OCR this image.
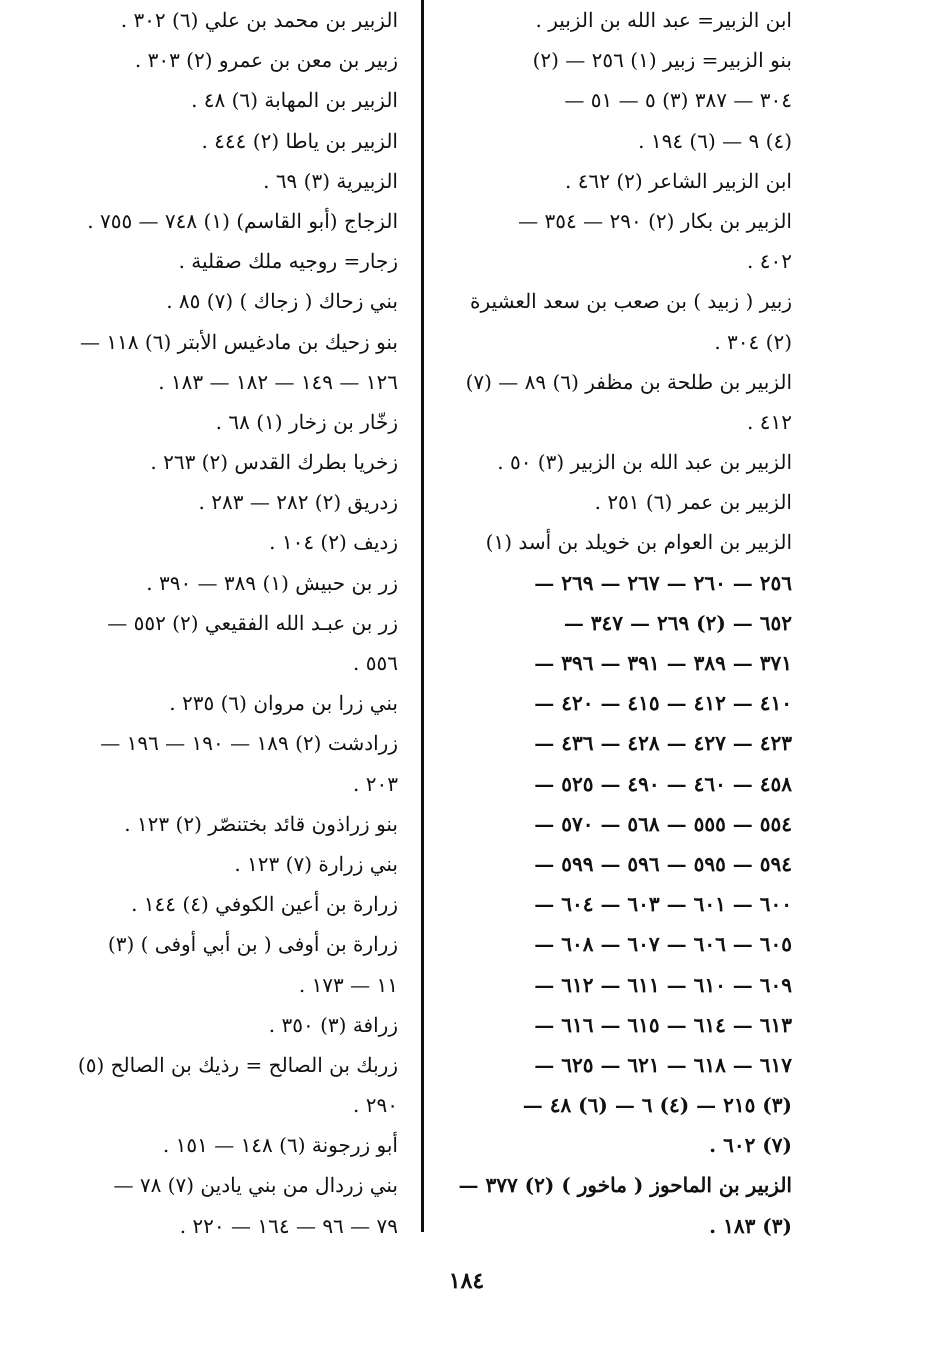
ابن الزبير= عبد الله بن الزبير .
بنو الزبير= زبير (١) ٢٥٦ — (٢)
٣٠٤ — ٣٨٧ (٣) ٥ — ٥١ —
(٤) ٩ — (٦) ١٩٤ .
ابن الزبير الشاعر (٢) ٤٦٢ .
الزبير بن بكار (٢) ٢٩٠ — ٣٥٤ —
٤٠٢ .
زبير ( زبيد ) بن صعب بن سعد العشيرة
(٢) ٣٠٤ .
الزبير بن طلحة بن مظفر (٦) ٨٩ — (٧)
٤١٢ .
الزبير بن عبد الله بن الزبير (٣) ٥٠ .
الزبير بن عمر (٦) ٢٥١ .
الزبير بن العوام بن خويلد بن أسد (١)
٢٥٦ — ٢٦٠ — ٢٦٧ — ٢٦٩ —
٦٥٢ — (٢) ٢٦٩ — ٣٤٧ —
٣٧١ — ٣٨٩ — ٣٩١ — ٣٩٦ —
٤١٠ — ٤١٢ — ٤١٥ — ٤٢٠ —
٤٢٣ — ٤٢٧ — ٤٢٨ — ٤٣٦ —
٤٥٨ — ٤٦٠ — ٤٩٠ — ٥٢٥ —
٥٥٤ — ٥٥٥ — ٥٦٨ — ٥٧٠ —
٥٩٤ — ٥٩٥ — ٥٩٦ — ٥٩٩ —
٦٠٠ — ٦٠١ — ٦٠٣ — ٦٠٤ —
٦٠٥ — ٦٠٦ — ٦٠٧ — ٦٠٨ —
٦٠٩ — ٦١٠ — ٦١١ — ٦١٢ —
٦١٣ — ٦١٤ — ٦١٥ — ٦١٦ —
٦١٧ — ٦١٨ — ٦٢١ — ٦٢٥ —
(٣) ٢١٥ — (٤) ٦ — (٦) ٤٨ —
(٧) ٦٠٢ .
الزبير بن الماحوز ( ماخور ) (٢) ٣٧٧ —
(٣) ١٨٣ .
الزبير بن محمد بن علي (٦) ٣٠٢ .
زبير بن معن بن عمرو (٢) ٣٠٣ .
الزبير بن المهابة (٦) ٤٨ .
الزبير بن ياطا (٢) ٤٤٤ .
الزبيرية (٣) ٦٩ .
الزجاج (أبو القاسم) (١) ٧٤٨ — ٧٥٥ .
زجار= روجيه ملك صقلية .
بني زحاك ( زجاك ) (٧) ٨٥ .
بنو زحيك بن مادغيس الأبتر (٦) ١١٨ —
١٢٦ — ١٤٩ — ١٨٢ — ١٨٣ .
زخّار بن زخار (١) ٦٨ .
زخريا بطرك القدس (٢) ٢٦٣ .
زدريق (٢) ٢٨٢ — ٢٨٣ .
زديف (٢) ١٠٤ .
زر بن حبيش (١) ٣٨٩ — ٣٩٠ .
زر بن عبـد الله الفقيعي (٢) ٥٥٢ —
٥٥٦ .
بني زرا بن مروان (٦) ٢٣٥ .
زرادشت (٢) ١٨٩ — ١٩٠ — ١٩٦ —
٢٠٣ .
بنو زراذون قائد بختنصّر (٢) ١٢٣ .
بني زرارة (٧) ١٢٣ .
زرارة بن أعين الكوفي (٤) ١٤٤ .
زرارة بن أوفى ( بن أبي أوفى ) (٣)
١١ — ١٧٣ .
زرافة (٣) ٣٥٠ .
زربك بن الصالح = رذيك بن الصالح (٥)
٢٩٠ .
أبو زرجونة (٦) ١٤٨ — ١٥١ .
بني زردال من بني يادين (٧) ٧٨ —
٧٩ — ٩٦ — ١٦٤ — ٢٢٠ .
١٨٤
